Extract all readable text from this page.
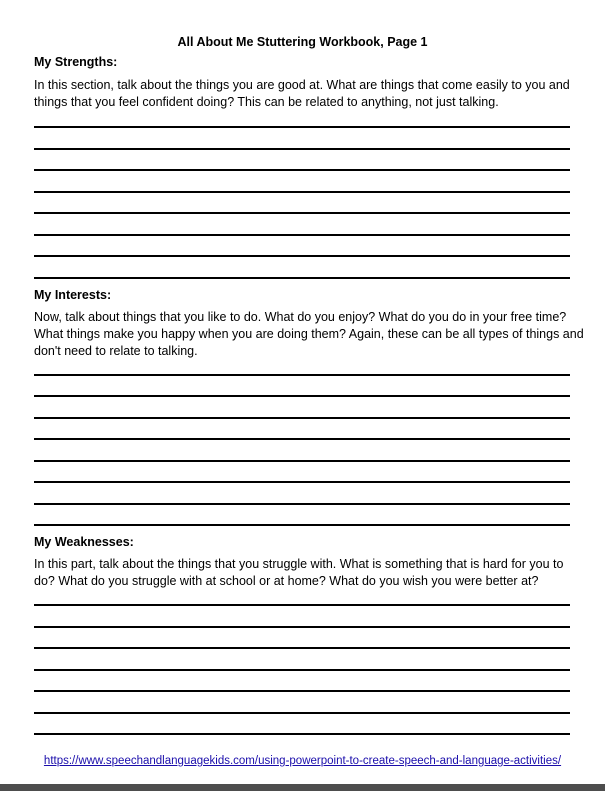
All About Me Stuttering Workbook, Page 1
My Strengths:
In this section, talk about the things you are good at. What are things that come easily to you and
things that you feel confident doing? This can be related to anything, not just talking.
My Interests:
Now, talk about things that you like to do. What do you enjoy? What do you do in your free time?
What things make you happy when you are doing them? Again, these can be all types of things and
don't need to relate to talking.
My Weaknesses:
In this part, talk about the things that you struggle with. What is something that is hard for you to
do? What do you struggle with at school or at home? What do you wish you were better at?
https://www.speechandlanguagekids.com/using-powerpoint-to-create-speech-and-language-activities/
